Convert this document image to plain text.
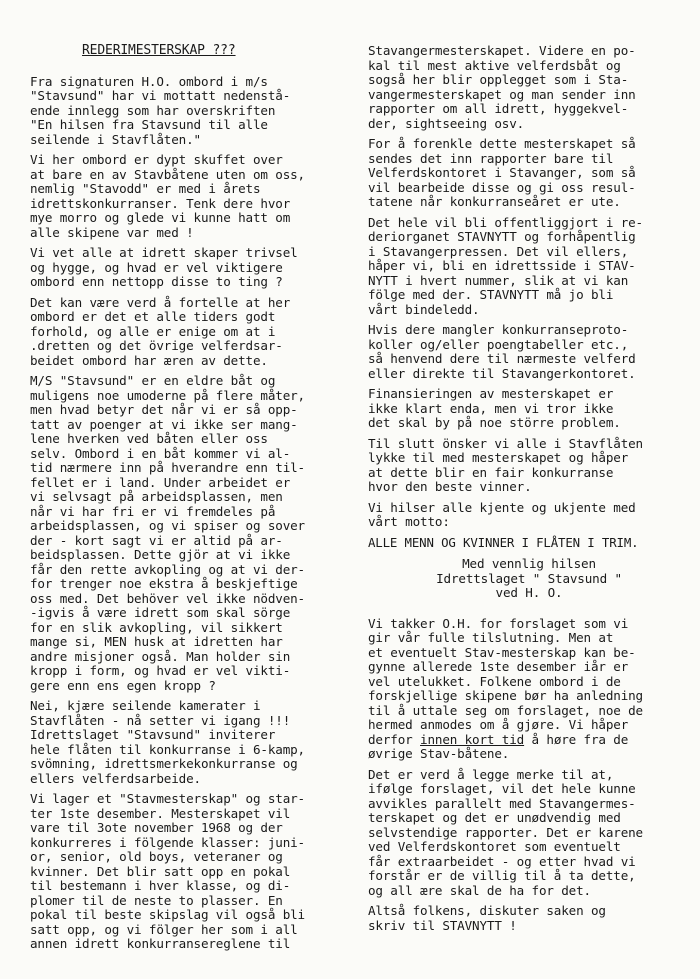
REDERIMESTERSKAP ???

Fra signaturen H.O. ombord i m/s
"Stavsund" har vi mottatt nedenstå-
ende innlegg som har overskriften
"En hilsen fra Stavsund til alle
seilende i Stavflåten."

Vi her ombord er dypt skuffet over
at bare en av Stavbåtene uten om oss,
nemlig "Stavodd" er med i årets
idrettskonkurranser. Tenk dere hvor
mye morro og glede vi kunne hatt om
alle skipene var med !

Vi vet alle at idrett skaper trivsel
og hygge, og hvad er vel viktigere
ombord enn nettopp disse to ting ?

Det kan være verd å fortelle at her
ombord er det et alle tiders godt
forhold, og alle er enige om at i
.dretten og det övrige velferdsar-
beidet ombord har æren av dette.

M/S "Stavsund" er en eldre båt og
muligens noe umoderne på flere måter,
men hvad betyr det når vi er så opp-
tatt av poenger at vi ikke ser mang-
lene hverken ved båten eller oss
selv. Ombord i en båt kommer vi al-
tid nærmere inn på hverandre enn til-
fellet er i land. Under arbeidet er
vi selvsagt på arbeidsplassen, men
når vi har fri er vi fremdeles på
arbeidsplassen, og vi spiser og sover
der - kort sagt vi er altid på ar-
beidsplassen. Dette gjör at vi ikke
får den rette avkopling og at vi der-
for trenger noe ekstra å beskjeftige
oss med. Det behöver vel ikke nödven-
-igvis å være idrett som skal sörge
for en slik avkopling, vil sikkert
mange si, MEN husk at idretten har
andre misjoner også. Man holder sin
kropp i form, og hvad er vel vikti-
gere enn ens egen kropp ?

Nei, kjære seilende kamerater i
Stavflåten - nå setter vi igang !!!
Idrettslaget "Stavsund" inviterer
hele flåten til konkurranse i 6-kamp,
svömning, idrettsmerkekonkurranse og
ellers velferdsarbeide.

Vi lager et "Stavmesterskap" og star-
ter 1ste desember. Mesterskapet vil
vare til 3ote november 1968 og der
konkurreres i fölgende klasser: juni-
or, senior, old boys, veteraner og
kvinner. Det blir satt opp en pokal
til bestemann i hver klasse, og di-
plomer til de neste to plasser. En
pokal til beste skipslag vil også bli
satt opp, og vi fölger her som i all
annen idrett konkurransereglene til

Stavangermesterskapet. Videre en po-
kal til mest aktive velferdsbåt og
sogså her blir opplegget som i Sta-
vangermesterskapet og man sender inn
rapporter om all idrett, hyggekvel-
der, sightseeing osv.

For å forenkle dette mesterskapet så
sendes det inn rapporter bare til
Velferdskontoret i Stavanger, som så
vil bearbeide disse og gi oss resul-
tatene når konkurranseåret er ute.

Det hele vil bli offentliggjort i re-
deriorganet STAVNYTT og forhåpentlig
i Stavangerpressen. Det vil ellers,
håper vi, bli en idrettsside i STAV-
NYTT i hvert nummer, slik at vi kan
fölge med der. STAVNYTT må jo bli
vårt bindeledd.

Hvis dere mangler konkurranseproto-
koller og/eller poengtabeller etc.,
så henvend dere til nærmeste velferd
eller direkte til Stavangerkontoret.

Finansieringen av mesterskapet er
ikke klart enda, men vi tror ikke
det skal by på noe större problem.

Til slutt önsker vi alle i Stavflåten
lykke til med mesterskapet og håper
at dette blir en fair konkurranse
hvor den beste vinner.

Vi hilser alle kjente og ukjente med
vårt motto:

ALLE MENN OG KVINNER I FLÅTEN I TRIM.
Med vennlig hilsen
Idrettslaget " Stavsund "
ved H. O.

Vi takker O.H. for forslaget som vi
gir vår fulle tilslutning. Men at
et eventuelt Stav-mesterskap kan be-
gynne allerede 1ste desember iår er
vel utelukket. Folkene ombord i de
forskjellige skipene bør ha anledning
til å uttale seg om forslaget, noe de
hermed anmodes om å gjøre. Vi håper
derfor innen kort tid å høre fra de
øvrige Stav-båtene.

Det er verd å legge merke til at,
ifølge forslaget, vil det hele kunne
avvikles parallelt med Stavangermes-
terskapet og det er unødvendig med
selvstendige rapporter. Det er karene
ved Velferdskontoret som eventuelt
får extraarbeidet - og etter hvad vi
forstår er de villig til å ta dette,
og all ære skal de ha for det.

Altså folkens, diskuter saken og
skriv til STAVNYTT !
